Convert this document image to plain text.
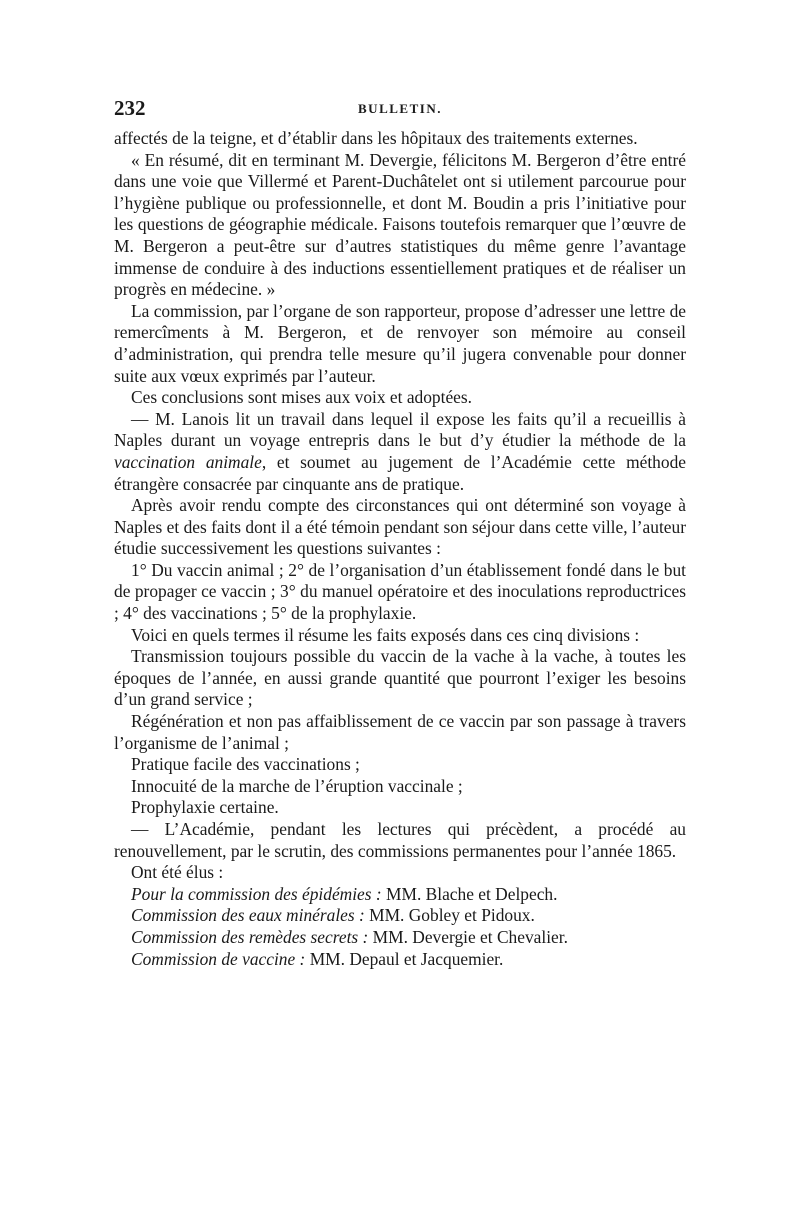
232	BULLETIN.

affectés de la teigne, et d’établir dans les hôpitaux des traitements externes.

« En résumé, dit en terminant M. Devergie, félicitons M. Bergeron d’être entré dans une voie que Villermé et Parent-Duchâtelet ont si utilement parcourue pour l’hygiène publique ou professionnelle, et dont M. Boudin a pris l’initiative pour les questions de géographie médicale. Faisons toutefois remarquer que l’œuvre de M. Bergeron a peut-être sur d’autres statistiques du même genre l’avantage immense de conduire à des inductions essentiellement pratiques et de réaliser un progrès en médecine. »

La commission, par l’organe de son rapporteur, propose d’adresser une lettre de remercîments à M. Bergeron, et de renvoyer son mémoire au conseil d’administration, qui prendra telle mesure qu’il jugera convenable pour donner suite aux vœux exprimés par l’auteur.

Ces conclusions sont mises aux voix et adoptées.

— M. Lanois lit un travail dans lequel il expose les faits qu’il a recueillis à Naples durant un voyage entrepris dans le but d’y étudier la méthode de la vaccination animale, et soumet au jugement de l’Académie cette méthode étrangère consacrée par cinquante ans de pratique.

Après avoir rendu compte des circonstances qui ont déterminé son voyage à Naples et des faits dont il a été témoin pendant son séjour dans cette ville, l’auteur étudie successivement les questions suivantes :

1° Du vaccin animal ; 2° de l’organisation d’un établissement fondé dans le but de propager ce vaccin ; 3° du manuel opératoire et des inoculations reproductrices ; 4° des vaccinations ; 5° de la prophylaxie.

Voici en quels termes il résume les faits exposés dans ces cinq divisions :

Transmission toujours possible du vaccin de la vache à la vache, à toutes les époques de l’année, en aussi grande quantité que pourront l’exiger les besoins d’un grand service ;

Régénération et non pas affaiblissement de ce vaccin par son passage à travers l’organisme de l’animal ;

Pratique facile des vaccinations ;

Innocuité de la marche de l’éruption vaccinale ;

Prophylaxie certaine.

— L’Académie, pendant les lectures qui précèdent, a procédé au renouvellement, par le scrutin, des commissions permanentes pour l’année 1865.

Ont été élus :

Pour la commission des épidémies : MM. Blache et Delpech.

Commission des eaux minérales : MM. Gobley et Pidoux.

Commission des remèdes secrets : MM. Devergie et Chevalier.

Commission de vaccine : MM. Depaul et Jacquemier.
